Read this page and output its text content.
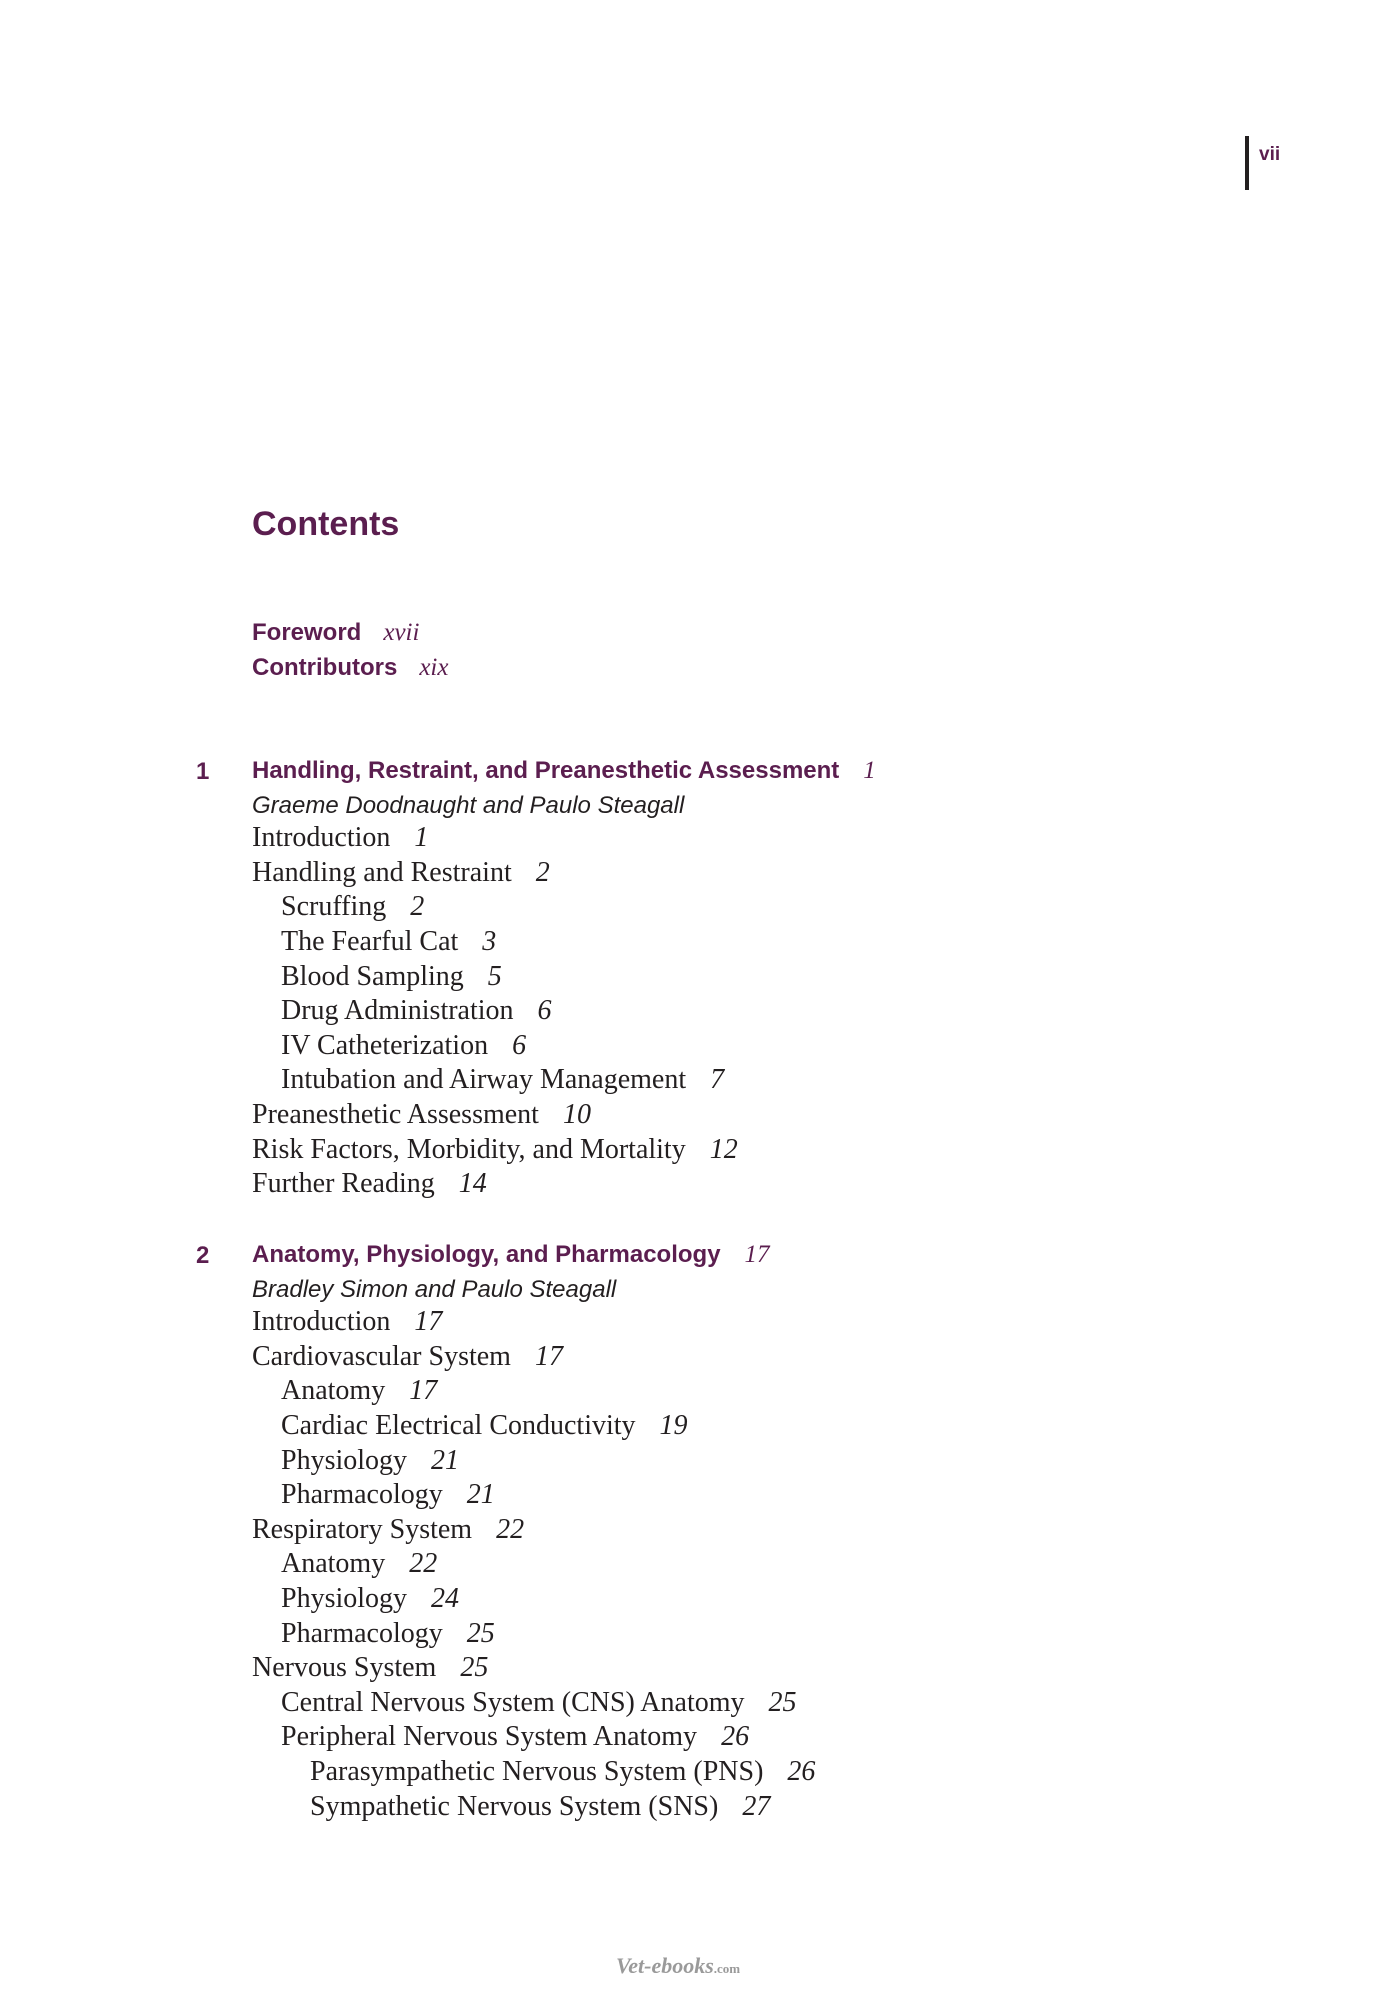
vii
Contents
Foreword xvii
Contributors xix
1 Handling, Restraint, and Preanesthetic Assessment 1
Graeme Doodnaught and Paulo Steagall
Introduction 1
Handling and Restraint 2
Scruffing 2
The Fearful Cat 3
Blood Sampling 5
Drug Administration 6
IV Catheterization 6
Intubation and Airway Management 7
Preanesthetic Assessment 10
Risk Factors, Morbidity, and Mortality 12
Further Reading 14
2 Anatomy, Physiology, and Pharmacology 17
Bradley Simon and Paulo Steagall
Introduction 17
Cardiovascular System 17
Anatomy 17
Cardiac Electrical Conductivity 19
Physiology 21
Pharmacology 21
Respiratory System 22
Anatomy 22
Physiology 24
Pharmacology 25
Nervous System 25
Central Nervous System (CNS) Anatomy 25
Peripheral Nervous System Anatomy 26
Parasympathetic Nervous System (PNS) 26
Sympathetic Nervous System (SNS) 27
Vet-ebooks.com
